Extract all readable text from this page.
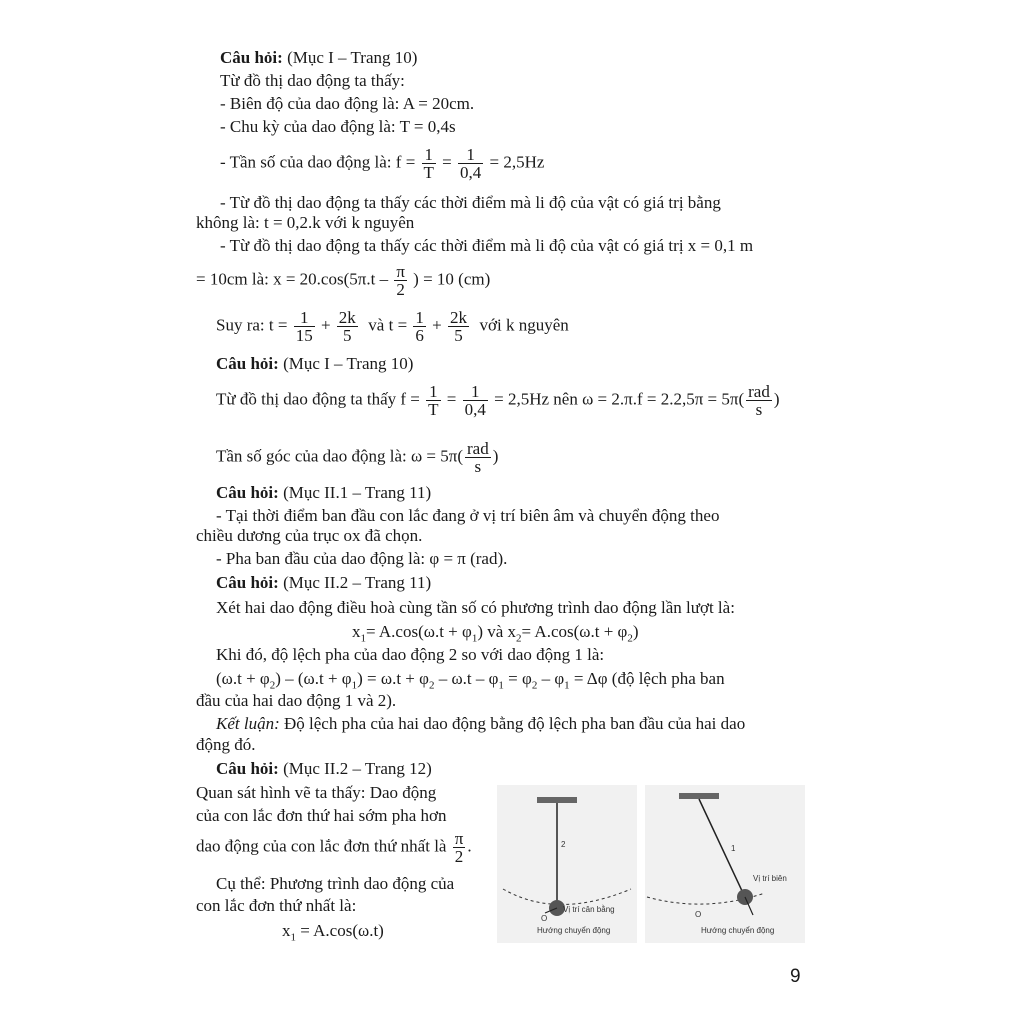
Câu hỏi: (Mục I – Trang 10)
Từ đồ thị dao động ta thấy:
- Biên độ của dao động là: A = 20cm.
- Chu kỳ của dao động là: T = 0,4s
- Tần số của dao động là: $f = \frac{1}{T} = \frac{1}{0,4} = 2,5Hz$
- Từ đồ thị dao động ta thấy các thời điểm mà li độ của vật có giá trị bằng
không là: t = 0,2.k với k nguyên
- Từ đồ thị dao động ta thấy các thời điểm mà li độ của vật có giá trị x = 0,1 m
= 10cm là: $x = 20.\cos(5\pi.t - \frac{\pi}{2}$ ) = 10 (cm)
Suy ra: $t = \frac{1}{15} + \frac{2k}{5}$ và $t = \frac{1}{6} + \frac{2k}{5}$ với k nguyên
Câu hỏi: (Mục I – Trang 10)
Từ đồ thị dao động ta thấy $f = \frac{1}{T} = \frac{1}{0,4} = 2,5Hz$ nên $\omega = 2.\pi.f = 2.2,5\pi = 5\pi( \frac{\text{rad}}{s}$ )
Tần số góc của dao động là: $\omega = 5\pi( \frac{\text{rad}}{s}$ )
Câu hỏi: (Mục II.1 – Trang 11)
- Tại thời điểm ban đầu con lắc đang ở vị trí biên âm và chuyển động theo
chiều dương của trục ox đã chọn.
- Pha ban đầu của dao động là: φ = π (rad).
Câu hỏi: (Mục II.2 – Trang 11)
Xét hai dao động điều hoà cùng tần số có phương trình dao động lần lượt là:
$x_1= A.\cos(\omega.t + \varphi_1)$ và $x_2= A.\cos(\omega.t + \varphi_2)$
Khi đó, độ lệch pha của dao động 2 so với dao động 1 là:
$(\omega.t + \varphi_2) - (\omega.t + \varphi_1) = \omega.t + \varphi_2 - \omega.t - \varphi_1 = \varphi_2 - \varphi_1 = \Delta\varphi$ (độ lệch pha ban
đầu của hai dao động 1 và 2).
Kết luận: Độ lệch pha của hai dao động bằng độ lệch pha ban đầu của hai dao
động đó.
Câu hỏi: (Mục II.2 – Trang 12)
Quan sát hình vẽ ta thấy: Dao động
của con lắc đơn thứ hai sớm pha hơn
dao động của con lắc đơn thứ nhất là $\frac{\pi}{2}$ .
Cụ thể: Phương trình dao động của
con lắc đơn thứ nhất là:
$x_1 = A.\cos(\omega.t)$
2
O
Vị trí cân bằng
Hướng chuyển động
1
O
Vị trí biên
Hướng chuyển động
9
